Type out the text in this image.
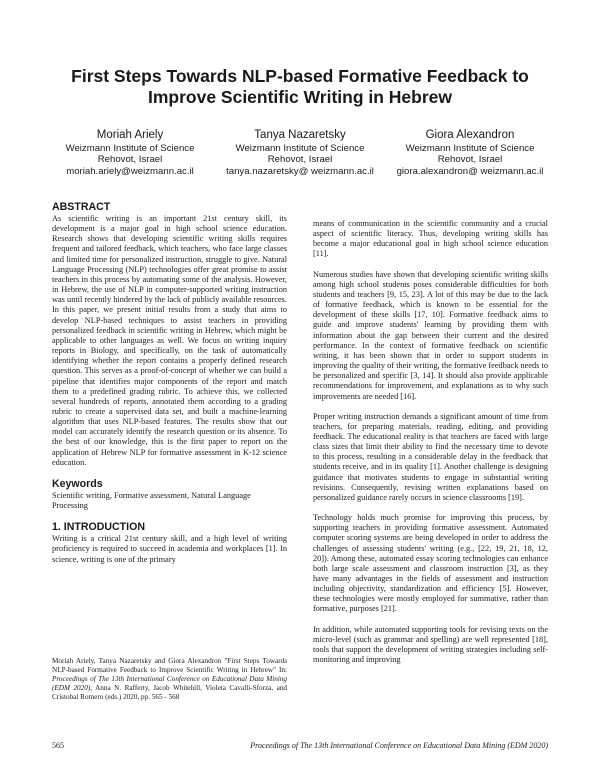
First Steps Towards NLP-based Formative Feedback to Improve Scientific Writing in Hebrew
Moriah Ariely
Weizmann Institute of Science
Rehovot, Israel
moriah.ariely@weizmann.ac.il
Tanya Nazaretsky
Weizmann Institute of Science
Rehovot, Israel
tanya.nazaretsky@ weizmann.ac.il
Giora Alexandron
Weizmann Institute of Science
Rehovot, Israel
giora.alexandron@ weizmann.ac.il
ABSTRACT

As scientific writing is an important 21st century skill, its development is a major goal in high school science education. Research shows that developing scientific writing skills requires frequent and tailored feedback, which teachers, who face large classes and limited time for personalized instruction, struggle to give. Natural Language Processing (NLP) technologies offer great promise to assist teachers in this process by automating some of the analysis. However, in Hebrew, the use of NLP in computer-supported writing instruction was until recently hindered by the lack of publicly available resources. In this paper, we present initial results from a study that aims to develop NLP-based techniques to assist teachers in providing personalized feedback in scientific writing in Hebrew, which might be applicable to other languages as well. We focus on writing inquiry reports in Biology, and specifically, on the task of automatically identifying whether the report contains a properly defined research question. This serves as a proof-of-concept of whether we can build a pipeline that identifies major components of the report and match them to a predefined grading rubric. To achieve this, we collected several hundreds of reports, annotated them according to a grading rubric to create a supervised data set, and built a machine-learning algorithm that uses NLP-based features. The results show that our model can accurately identify the research question or its absence. To the best of our knowledge, this is the first paper to report on the application of Hebrew NLP for formative assessment in K-12 science education.

Keywords

Scientific writing, Formative assessment, Natural Language Processing

1. INTRODUCTION

Writing is a critical 21st century skill, and a high level of writing proficiency is required to succeed in academia and workplaces [1]. In science, writing is one of the primary

Moriah Ariely, Tanya Nazaretsky and Giora Alexandron "First Steps Towards NLP-based Formative Feedback to Improve Scientific Writing in Hebrew" In: Proceedings of The 13th International Conference on Educational Data Mining (EDM 2020), Anna N. Rafferty, Jacob Whitehill, Violeta Cavalli-Sforza, and Cristobal Romero (eds.) 2020, pp. 565 - 568

means of communication in the scientific community and a crucial aspect of scientific literacy. Thus, developing writing skills has become a major educational goal in high school science education [11].

Numerous studies have shown that developing scientific writing skills among high school students poses considerable difficulties for both students and teachers [9, 15, 23]. A lot of this may be due to the lack of formative feedback, which is known to be essential for the development of these skills [17, 10]. Formative feedback aims to guide and improve students' learning by providing them with information about the gap between their current and the desired performance. In the context of formative feedback on scientific writing, it has been shown that in order to support students in improving the quality of their writing, the formative feedback needs to be personalized and specific [3, 14]. It should also provide applicable recommendations for improvement, and explanations as to why such improvements are needed [16].

Proper writing instruction demands a significant amount of time from teachers, for preparing materials, reading, editing, and providing feedback. The educational reality is that teachers are faced with large class sizes that limit their ability to find the necessary time to devote to this process, resulting in a considerable delay in the feedback that students receive, and in its quality [1]. Another challenge is designing guidance that motivates students to engage in substantial writing revisions. Consequently, revising written explanations based on personalized guidance rarely occurs in science classrooms [19].

Technology holds much promise for improving this process, by supporting teachers in providing formative assessment. Automated computer scoring systems are being developed in order to address the challenges of assessing students' writing (e.g., [22, 19, 21, 18, 12, 20]). Among these, automated essay scoring technologies can enhance both large scale assessment and classroom instruction [3], as they have many advantages in the fields of assessment and instruction including objectivity, standardization and efficiency [5]. However, these technologies were mostly employed for summative, rather than formative, purposes [21].

In addition, while automated supporting tools for revising texts on the micro-level (such as grammar and spelling) are well represented [18], tools that support the development of writing strategies including self-monitoring and improving

565	Proceedings of The 13th International Conference on Educational Data Mining (EDM 2020)
